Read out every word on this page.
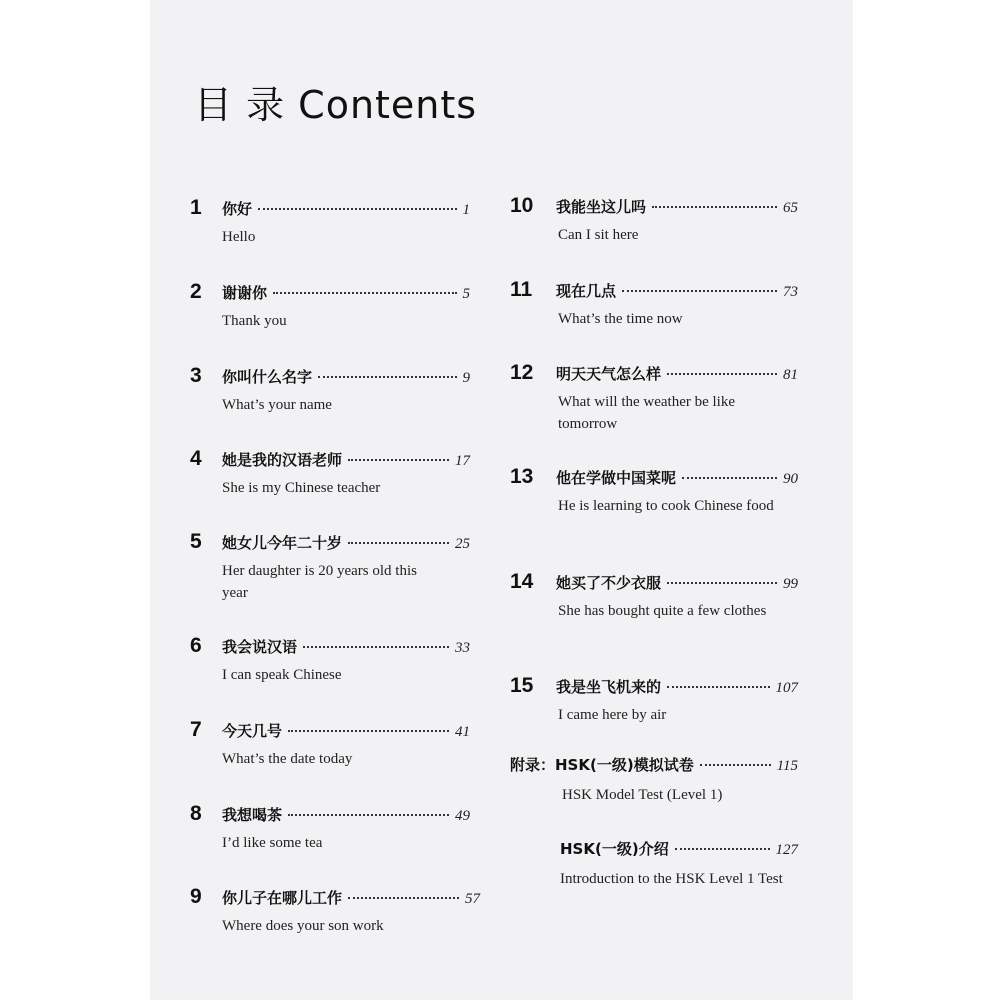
目 录 Contents
1	你好	1
Hello
2	谢谢你	5
Thank you
3	你叫什么名字	9
What’s your name
4	她是我的汉语老师	17
She is my Chinese teacher
5	她女儿今年二十岁	25
Her daughter is 20 years old this year
6	我会说汉语	33
I can speak Chinese
7	今天几号	41
What’s the date today
8	我想喝茶	49
I’d like some tea
9	你儿子在哪儿工作	57
Where does your son work
10	我能坐这儿吗	65
Can I sit here
11	现在几点	73
What’s the time now
12	明天天气怎么样	81
What will the weather be like tomorrow
13	他在学做中国菜呢	90
He is learning to cook Chinese food
14	她买了不少衣服	99
She has bought quite a few clothes
15	我是坐飞机来的	107
I came here by air
附录：HSK(一级)模拟试卷	115
HSK Model Test (Level 1)
HSK(一级)介绍	127
Introduction to the HSK Level 1 Test
